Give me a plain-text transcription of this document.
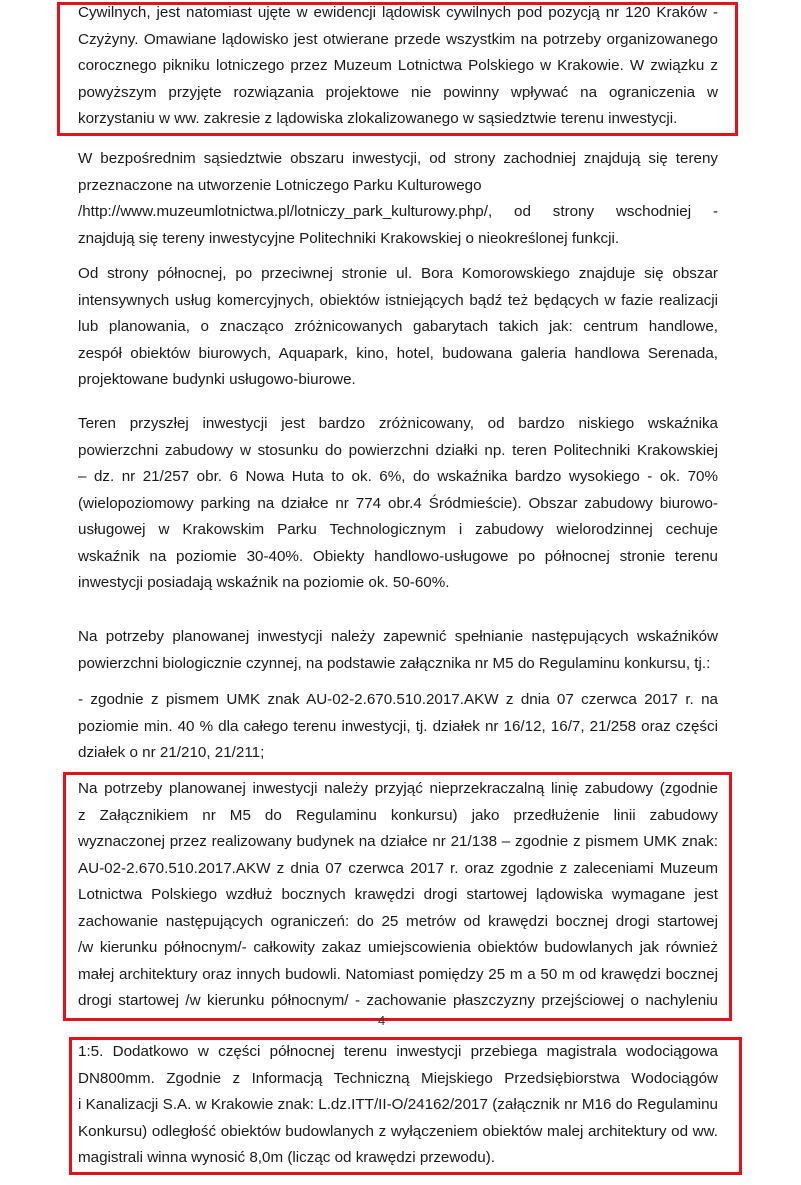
Cywilnych, jest natomiast ujęte w ewidencji lądowisk cywilnych pod pozycją nr 120 Kraków -
Czyżyny. Omawiane lądowisko jest otwierane przede wszystkim na potrzeby organizowanego
corocznego pikniku lotniczego przez Muzeum Lotnictwa Polskiego w Krakowie. W związku z
powyższym przyjęte rozwiązania projektowe nie powinny wpływać na ograniczenia w
korzystaniu w ww. zakresie z lądowiska zlokalizowanego w sąsiedztwie terenu inwestycji.
W bezpośrednim sąsiedztwie obszaru inwestycji, od strony zachodniej znajdują się tereny
przeznaczone na utworzenie Lotniczego Parku Kulturowego
/http://www.muzeumlotnictwa.pl/lotniczy_park_kulturowy.php/, od strony wschodniej -
znajdują się tereny inwestycyjne Politechniki Krakowskiej o nieokreślonej funkcji.
Od strony północnej, po przeciwnej stronie ul. Bora Komorowskiego znajduje się obszar
intensywnych usług komercyjnych, obiektów istniejących bądź też będących w fazie realizacji
lub planowania, o znacząco zróżnicowanych gabarytach takich jak: centrum handlowe,
zespół obiektów biurowych, Aquapark, kino, hotel, budowana galeria handlowa Serenada,
projektowane budynki usługowo-biurowe.
Teren przyszłej inwestycji jest bardzo zróżnicowany, od bardzo niskiego wskaźnika
powierzchni zabudowy w stosunku do powierzchni działki np. teren Politechniki Krakowskiej
– dz. nr 21/257 obr. 6 Nowa Huta to ok. 6%, do wskaźnika bardzo wysokiego - ok. 70%
(wielopoziomowy parking na działce nr 774 obr.4 Śródmieście). Obszar zabudowy biurowo-
usługowej w Krakowskim Parku Technologicznym i zabudowy wielorodzinnej cechuje
wskaźnik na poziomie 30-40%. Obiekty handlowo-usługowe po północnej stronie terenu
inwestycji posiadają wskaźnik na poziomie ok. 50-60%.
Na potrzeby planowanej inwestycji należy zapewnić spełnianie następujących wskaźników
powierzchni biologicznie czynnej, na podstawie załącznika nr M5 do Regulaminu konkursu, tj.:
- zgodnie z pismem UMK znak AU-02-2.670.510.2017.AKW z dnia 07 czerwca 2017 r. na
poziomie min. 40 % dla całego terenu inwestycji, tj. działek nr 16/12, 16/7, 21/258 oraz części
działek o nr 21/210, 21/211;
Na potrzeby planowanej inwestycji należy przyjąć nieprzekraczalną linię zabudowy (zgodnie
z Załącznikiem nr M5 do Regulaminu konkursu) jako przedłużenie linii zabudowy
wyznaczonej przez realizowany budynek na działce nr 21/138 – zgodnie z pismem UMK znak:
AU-02-2.670.510.2017.AKW z dnia 07 czerwca 2017 r. oraz zgodnie z zaleceniami Muzeum
Lotnictwa Polskiego wzdłuż bocznych krawędzi drogi startowej lądowiska wymagane jest
zachowanie następujących ograniczeń: do 25 metrów od krawędzi bocznej drogi startowej
/w kierunku północnym/- całkowity zakaz umiejscowienia obiektów budowlanych jak również
małej architektury oraz innych budowli. Natomiast pomiędzy 25 m a 50 m od krawędzi bocznej
drogi startowej /w kierunku północnym/ - zachowanie płaszczyzny przejściowej o nachyleniu
4
1:5. Dodatkowo w części północnej terenu inwestycji przebiega magistrala wodociągowa
DN800mm. Zgodnie z Informacją Techniczną Miejskiego Przedsiębiorstwa Wodociągów
i Kanalizacji S.A. w Krakowie znak: L.dz.ITT/II-O/24162/2017 (załącznik nr M16 do Regulaminu
Konkursu) odległość obiektów budowlanych z wyłączeniem obiektów malej architektury od ww.
magistrali winna wynosić 8,0m (licząc od krawędzi przewodu).
